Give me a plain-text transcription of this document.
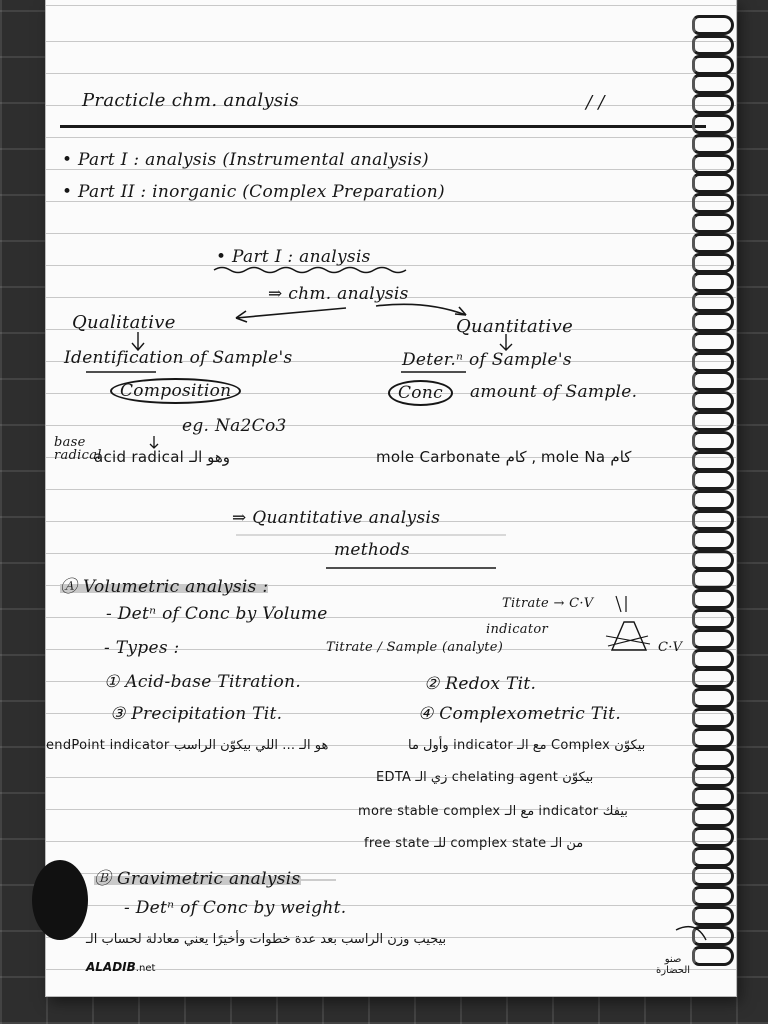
Practicle chm. analysis	/ /
• Part I : analysis (Instrumental analysis)
• Part II : inorganic (Complex Preparation)
• Part I : analysis
⇒ chm. analysis
Qualitative	Quantitative
Identification of Sample's	Deter.ⁿ of Sample's
Composition	Conc	amount of Sample.
eg. Na2Co3
base radical
acid radical وهو الـ	mole Carbonate كام , mole Na كام
⇒ Quantitative analysis
methods
Ⓐ Volumetric analysis :
- Detⁿ of Conc by Volume
Titrate → C·V
indicator
- Types :	Titrate / Sample (analyte)	C·V
① Acid-base Titration.	② Redox Tit.
③ Precipitation Tit.	④ Complexometric Tit.
endPoint indicator هو الـ … اللي بيكوّن الراسب	بيكوّن Complex مع الـ indicator وأول ما
بيكوّن chelating agent زي الـ EDTA
more stable complex مع الـ indicator بيفك
free state للـ complex state من الـ
Ⓑ Gravimetric analysis
- Detⁿ of Conc by weight.
بيجيب وزن الراسب بعد عدة خطوات وأخيرًا يعني معادلة لحساب الـ
ALADIB.net
صنو
الحضارة
